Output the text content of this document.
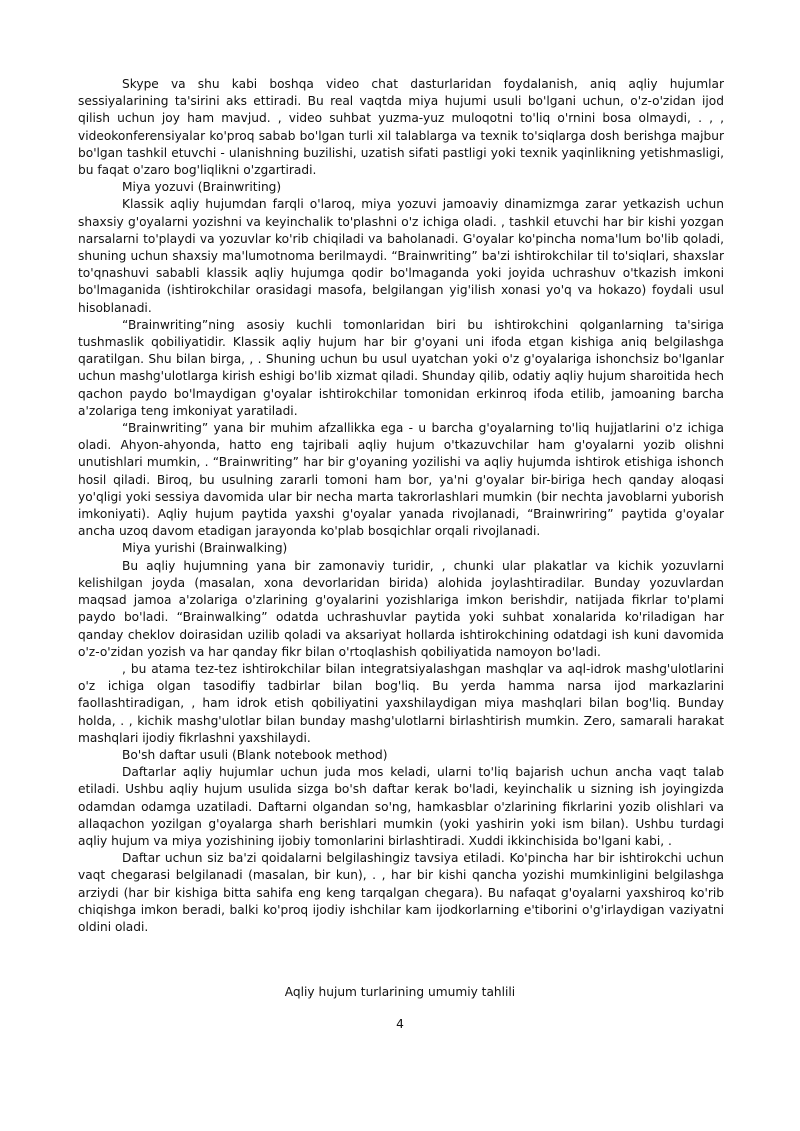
Skype va shu kabi boshqa video chat dasturlaridan foydalanish, aniq aqliy hujumlar sessiyalarining ta'sirini aks ettiradi. Bu real vaqtda miya hujumi usuli bo'lgani uchun, o'z-o'zidan ijod qilish uchun joy ham mavjud. , video suhbat yuzma-yuz muloqotni to'liq o'rnini bosa olmaydi, . , , videokonferensiyalar ko'proq sabab bo'lgan turli xil talablarga va texnik to'siqlarga dosh berishga majbur bo'lgan tashkil etuvchi - ulanishning buzilishi, uzatish sifati pastligi yoki texnik yaqinlikning yetishmasligi, bu faqat o'zaro bog'liqlikni o'zgartiradi.

Miya yozuvi (Brainwriting)

Klassik aqliy hujumdan farqli o'laroq, miya yozuvi jamoaviy dinamizmga zarar yetkazish uchun shaxsiy g'oyalarni yozishni va keyinchalik to'plashni o'z ichiga oladi. , tashkil etuvchi har bir kishi yozgan narsalarni to'playdi va yozuvlar ko'rib chiqiladi va baholanadi. G'oyalar ko'pincha noma'lum bo'lib qoladi, shuning uchun shaxsiy ma'lumotnoma berilmaydi. “Brainwriting” ba'zi ishtirokchilar til to'siqlari, shaxslar to'qnashuvi sababli klassik aqliy hujumga qodir bo'lmaganda yoki joyida uchrashuv o'tkazish imkoni bo'lmaganida (ishtirokchilar orasidagi masofa, belgilangan yig'ilish xonasi yo'q va hokazo) foydali usul hisoblanadi.

“Brainwriting”ning asosiy kuchli tomonlaridan biri bu ishtirokchini qolganlarning ta'siriga tushmaslik qobiliyatidir. Klassik aqliy hujum har bir g'oyani uni ifoda etgan kishiga aniq belgilashga qaratilgan. Shu bilan birga, , . Shuning uchun bu usul uyatchan yoki o'z g'oyalariga ishonchsiz bo'lganlar uchun mashg'ulotlarga kirish eshigi bo'lib xizmat qiladi. Shunday qilib, odatiy aqliy hujum sharoitida hech qachon paydo bo'lmaydigan g'oyalar ishtirokchilar tomonidan erkinroq ifoda etilib, jamoaning barcha a'zolariga teng imkoniyat yaratiladi.

“Brainwriting” yana bir muhim afzallikka ega - u barcha g'oyalarning to'liq hujjatlarini o'z ichiga oladi. Ahyon-ahyonda, hatto eng tajribali aqliy hujum o'tkazuvchilar ham g'oyalarni yozib olishni unutishlari mumkin, . “Brainwriting” har bir g'oyaning yozilishi va aqliy hujumda ishtirok etishiga ishonch hosil qiladi. Biroq, bu usulning zararli tomoni ham bor, ya'ni g'oyalar bir-biriga hech qanday aloqasi yo'qligi yoki sessiya davomida ular bir necha marta takrorlashlari mumkin (bir nechta javoblarni yuborish imkoniyati). Aqliy hujum paytida yaxshi g'oyalar yanada rivojlanadi, “Brainwriring” paytida g'oyalar ancha uzoq davom etadigan jarayonda ko'plab bosqichlar orqali rivojlanadi.

Miya yurishi (Brainwalking)

Bu aqliy hujumning yana bir zamonaviy turidir, , chunki ular plakatlar va kichik yozuvlarni kelishilgan joyda (masalan, xona devorlaridan birida) alohida joylashtiradilar. Bunday yozuvlardan maqsad jamoa a'zolariga o'zlarining g'oyalarini yozishlariga imkon berishdir, natijada fikrlar to'plami paydo bo'ladi. “Brainwalking” odatda uchrashuvlar paytida yoki suhbat xonalarida ko'riladigan har qanday cheklov doirasidan uzilib qoladi va aksariyat hollarda ishtirokchining odatdagi ish kuni davomida o'z-o'zidan yozish va har qanday fikr bilan o'rtoqlashish qobiliyatida namoyon bo'ladi.

, bu atama tez-tez ishtirokchilar bilan integratsiyalashgan mashqlar va aql-idrok mashg'ulotlarini o'z ichiga olgan tasodifiy tadbirlar bilan bog'liq. Bu yerda hamma narsa ijod markazlarini faollashtiradigan, , ham idrok etish qobiliyatini yaxshilaydigan miya mashqlari bilan bog'liq. Bunday holda, . , kichik mashg'ulotlar bilan bunday mashg'ulotlarni birlashtirish mumkin. Zero, samarali harakat mashqlari ijodiy fikrlashni yaxshilaydi.

Bo'sh daftar usuli (Blank notebook method)

Daftarlar aqliy hujumlar uchun juda mos keladi, ularni to'liq bajarish uchun ancha vaqt talab etiladi. Ushbu aqliy hujum usulida sizga bo'sh daftar kerak bo'ladi, keyinchalik u sizning ish joyingizda odamdan odamga uzatiladi. Daftarni olgandan so'ng, hamkasblar o'zlarining fikrlarini yozib olishlari va allaqachon yozilgan g'oyalarga sharh berishlari mumkin (yoki yashirin yoki ism bilan). Ushbu turdagi aqliy hujum va miya yozishining ijobiy tomonlarini birlashtiradi. Xuddi ikkinchisida bo'lgani kabi, .

Daftar uchun siz ba'zi qoidalarni belgilashingiz tavsiya etiladi. Ko'pincha har bir ishtirokchi uchun vaqt chegarasi belgilanadi (masalan, bir kun), . , har bir kishi qancha yozishi mumkinligini belgilashga arziydi (har bir kishiga bitta sahifa eng keng tarqalgan chegara). Bu nafaqat g'oyalarni yaxshiroq ko'rib chiqishga imkon beradi, balki ko'proq ijodiy ishchilar kam ijodkorlarning e'tiborini o'g'irlaydigan vaziyatni oldini oladi.

Aqliy hujum turlarining umumiy tahlili
4
